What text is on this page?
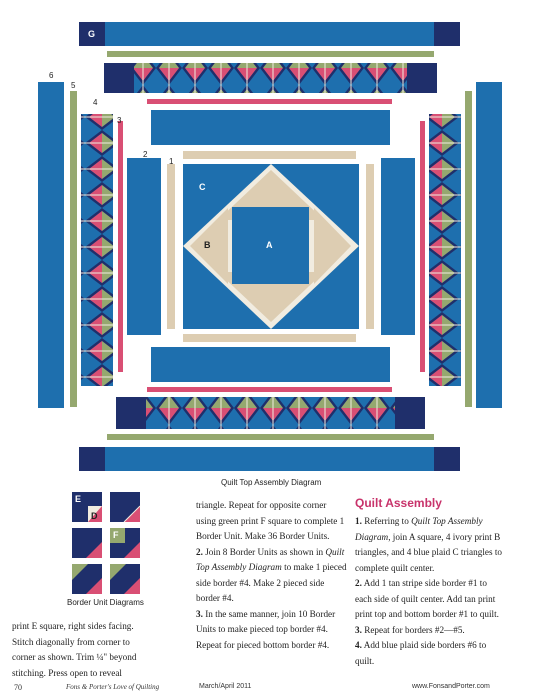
G
A
B
C
6
5
4
3
2
1
E
D
F
Quilt Top Assembly Diagram
Border Unit Diagrams

print E square, right sides facing.

Stitch diagonally from corner to

corner as shown. Trim ¼" beyond

stitching. Press open to reveal

triangle. Repeat for opposite corner using green print F square to complete 1 Border Unit. Make 36 Border Units.

2. Join 8 Border Units as shown in Quilt Top Assembly Diagram to make 1 pieced side border #4. Make 2 pieced side border #4.

3. In the same manner, join 10 Border Units to make pieced top border #4. Repeat for pieced bottom border #4.

Quilt Assembly

1. Referring to Quilt Top Assembly Diagram, join A square, 4 ivory print B triangles, and 4 blue plaid C triangles to complete quilt center.

2. Add 1 tan stripe side border #1 to each side of quilt center. Add tan print print top and bottom border #1 to quilt.

3. Repeat for borders #2—#5.

4. Add blue plaid side borders #6 to quilt.

70	Fons & Porter's Love of Quilting	March/April 2011	www.FonsandPorter.com
